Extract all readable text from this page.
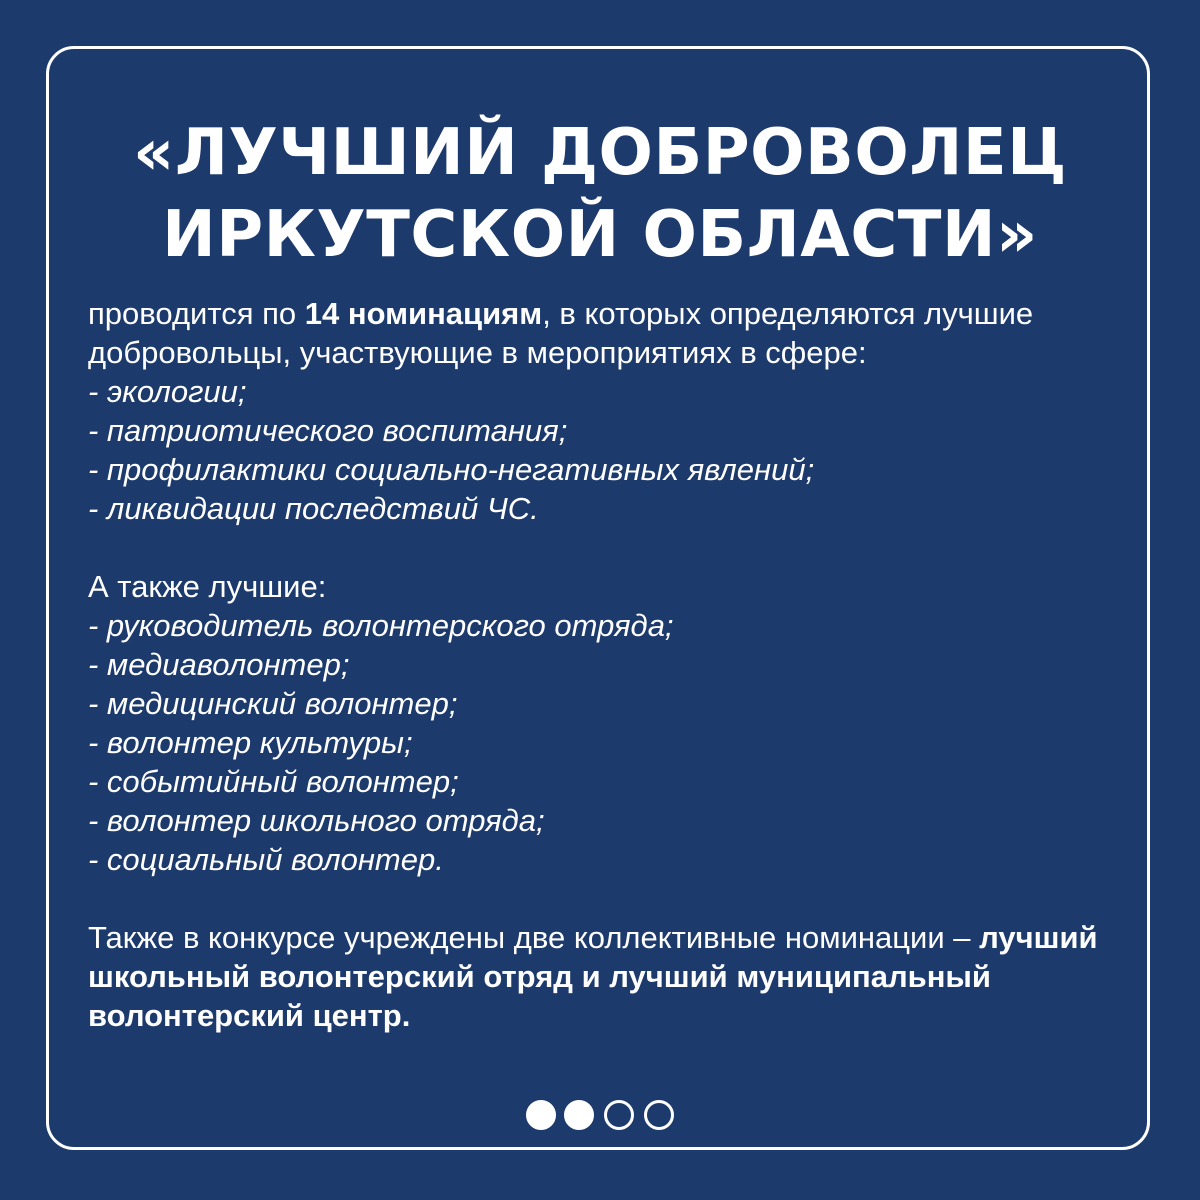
«ЛУЧШИЙ ДОБРОВОЛЕЦ
ИРКУТСКОЙ ОБЛАСТИ»

проводится по 14 номинациям, в которых определяются лучшие добровольцы, участвующие в мероприятиях в сфере:

- экологии;

- патриотического воспитания;

- профилактики социально-негативных явлений;

- ликвидации последствий ЧС.

А также лучшие:

- руководитель волонтерского отряда;

- медиаволонтер;

- медицинский волонтер;

- волонтер культуры;

- событийный волонтер;

- волонтер школьного отряда;

- социальный волонтер.

Также в конкурсе учреждены две коллективные номинации – лучший школьный волонтерский отряд и лучший муниципальный волонтерский центр.
